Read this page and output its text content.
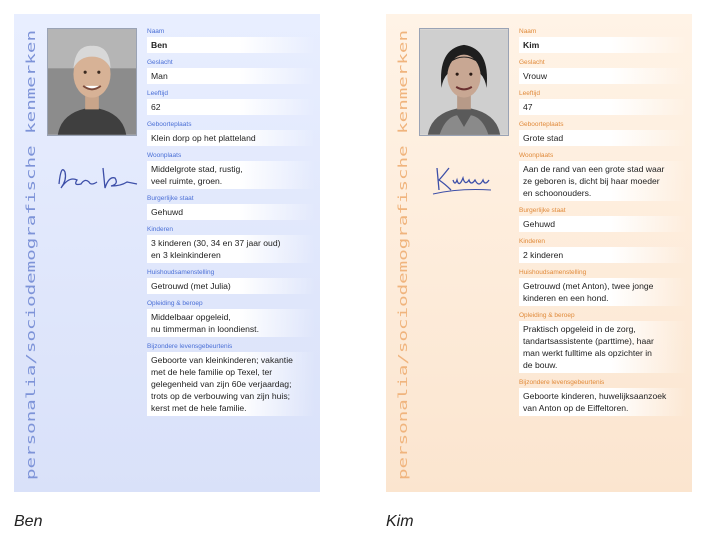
personalia/sociodemografische kenmerken
Naam
Ben
Geslacht
Man
Leeftijd
62
Geboorteplaats
Klein dorp op het platteland
Woonplaats
Middelgrote stad, rustig,
veel ruimte, groen.
Burgerlijke staat
Gehuwd
Kinderen
3 kinderen (30, 34 en 37 jaar oud)
en 3 kleinkinderen
Huishoudsamenstelling
Getrouwd (met Julia)
Opleiding & beroep
Middelbaar opgeleid,
nu timmerman in loondienst.
Bijzondere levensgebeurtenis
Geboorte van kleinkinderen; vakantie
met de hele familie op Texel, ter
gelegenheid van zijn 60e verjaardag;
trots op de verbouwing van zijn huis;
kerst met de hele familie.	personalia/sociodemografische kenmerken
Naam
Kim
Geslacht
Vrouw
Leeftijd
47
Geboorteplaats
Grote stad
Woonplaats
Aan de rand van een grote stad waar
ze geboren is, dicht bij haar moeder
en schoonouders.
Burgerlijke staat
Gehuwd
Kinderen
2 kinderen
Huishoudsamenstelling
Getrouwd (met Anton), twee jonge
kinderen en een hond.
Opleiding & beroep
Praktisch opgeleid in de zorg,
tandartsassistente (parttime), haar
man werkt fulltime als opzichter in
de bouw.
Bijzondere levensgebeurtenis
Geboorte kinderen, huwelijksaanzoek
van Anton op de Eiffeltoren.
Ben	Kim
